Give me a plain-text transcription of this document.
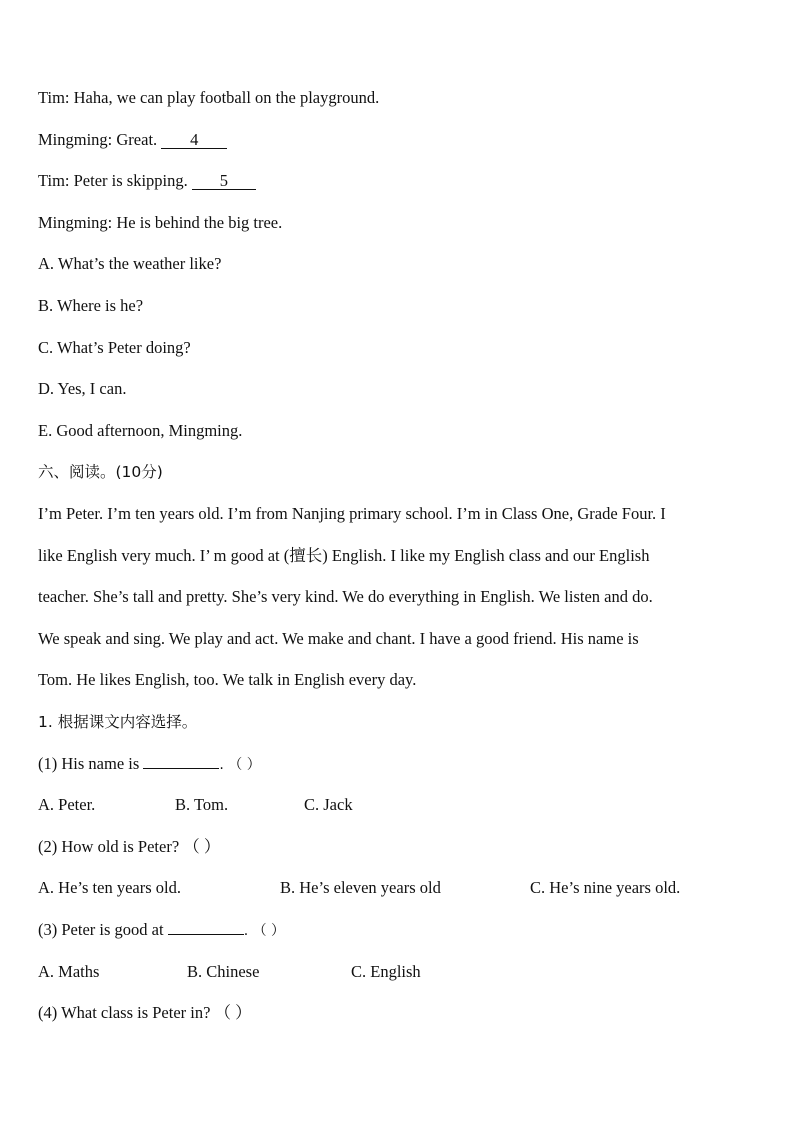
Tim: Haha, we can play football on the playground.
Mingming: Great. 4
Tim: Peter is skipping. 5
Mingming: He is behind the big tree.
A. What’s the weather like?
B. Where is he?
C. What’s Peter doing?
D. Yes, I can.
E. Good afternoon, Mingming.
六、阅读。(10分)
I’m Peter. I’m ten years old. I’m from Nanjing primary school. I’m in Class One, Grade Four. I
like English very much. I’ m good at (擅长) English. I like my English class and our English
teacher. She’s tall and pretty. She’s very kind. We do everything in English. We listen and do.
We speak and sing. We play and act. We make and chant. I have a good friend. His name is
Tom. He likes English, too. We talk in English every day.
1. 根据课文内容选择。
(1) His name is	. （ ）
A. Peter.	B. Tom.	C. Jack
(2) How old is Peter? （ ）
A. He’s ten years old.	B. He’s eleven years old	C. He’s nine years old.
(3) Peter is good at	. （ ）
A. Maths	B. Chinese	C. English
(4) What class is Peter in? （ ）
